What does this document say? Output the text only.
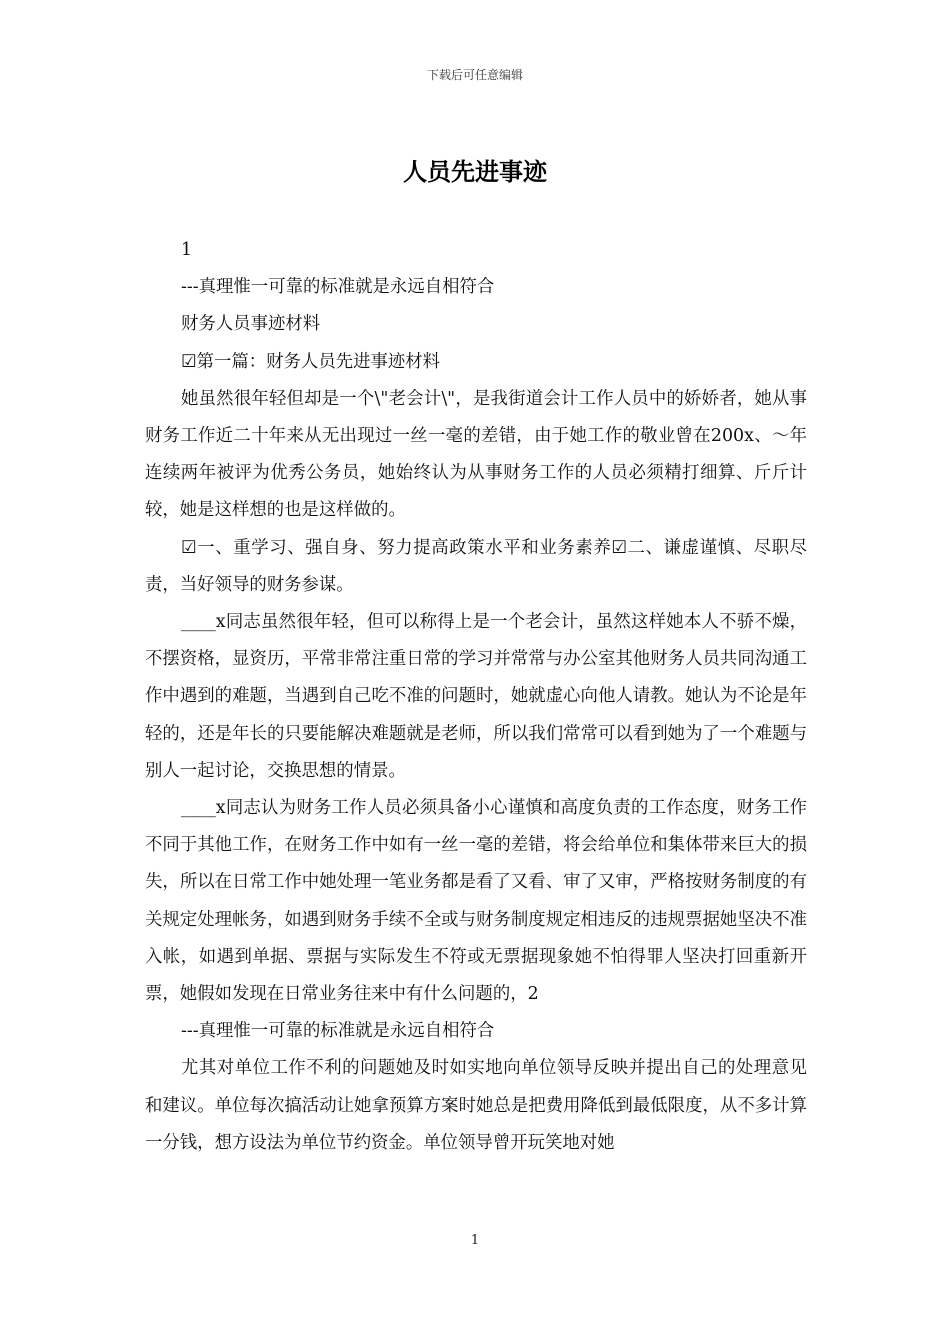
下载后可任意编辑
人员先进事迹

1

---真理惟一可靠的标准就是永远自相符合

财务人员事迹材料

☑第一篇：财务人员先进事迹材料

她虽然很年轻但却是一个\"老会计\"，是我街道会计工作人员中的娇娇者，她从事财务工作近二十年来从无出现过一丝一毫的差错，由于她工作的敬业曾在200x、～年连续两年被评为优秀公务员，她始终认为从事财务工作的人员必须精打细算、斤斤计较，她是这样想的也是这样做的。

☑一、重学习、强自身、努力提高政策水平和业务素养☑二、谦虚谨慎、尽职尽责，当好领导的财务参谋。

____x同志虽然很年轻，但可以称得上是一个老会计，虽然这样她本人不骄不燥，不摆资格，显资历，平常非常注重日常的学习并常常与办公室其他财务人员共同沟通工作中遇到的难题，当遇到自己吃不准的问题时，她就虚心向他人请教。她认为不论是年轻的，还是年长的只要能解决难题就是老师，所以我们常常可以看到她为了一个难题与别人一起讨论，交换思想的情景。

____x同志认为财务工作人员必须具备小心谨慎和高度负责的工作态度，财务工作不同于其他工作，在财务工作中如有一丝一毫的差错，将会给单位和集体带来巨大的损失，所以在日常工作中她处理一笔业务都是看了又看、审了又审，严格按财务制度的有关规定处理帐务，如遇到财务手续不全或与财务制度规定相违反的违规票据她坚决不准入帐，如遇到单据、票据与实际发生不符或无票据现象她不怕得罪人坚决打回重新开票，她假如发现在日常业务往来中有什么问题的，2

---真理惟一可靠的标准就是永远自相符合

尤其对单位工作不利的问题她及时如实地向单位领导反映并提出自己的处理意见和建议。单位每次搞活动让她拿预算方案时她总是把费用降低到最低限度，从不多计算一分钱，想方设法为单位节约资金。单位领导曾开玩笑地对她

1
